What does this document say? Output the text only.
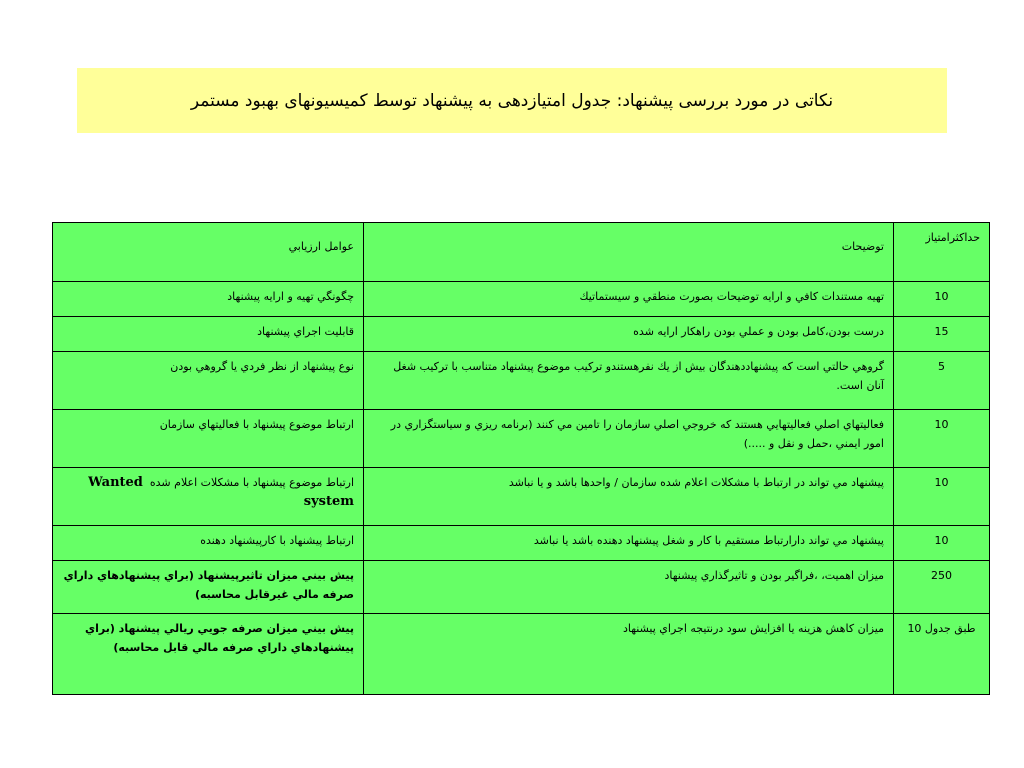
نکاتی در مورد بررسی پیشنهاد: جدول امتیازدهی به پیشنهاد توسط کمیسیونهای بهبود مستمر
حداکثرامتیاز	توضیحات	عوامل ارزيابي
10	تهيه مستندات كافي و ارايه توضيحات بصورت منطقي و سيستماتيك	چگونگي تهيه و ارايه پيشنهاد
15	درست بودن،كامل بودن و عملي بودن راهكار ارايه شده	قابليت اجراي پيشنهاد
5	گروهي حالتي است كه پيشنهاددهندگان بيش از يك نفرهستندو تركيب موضوع پيشنهاد متناسب با تركيب شغل آنان است.	نوع پيشنهاد از نظر فردي يا گروهي بودن
10	فعاليتهاي اصلي فعاليتهايي هستند كه خروجي اصلي سازمان را تامين مي كنند (برنامه ريزي و سياستگزاري در امور ايمني ،حمل و نقل و .....)	ارتباط موضوع پيشنهاد با فعاليتهاي سازمان
10	پيشنهاد مي تواند در ارتباط با مشكلات اعلام شده سازمان / واحدها باشد و يا نباشد	ارتباط موضوع پيشنهاد با مشكلات اعلام شده  Wanted system
10	پيشنهاد مي تواند دارارتباط مستقيم با كار و شغل پيشنهاد دهنده باشد يا نباشد	ارتباط پيشنهاد با كارپيشنهاد دهنده
250	ميزان اهميت، ،فراگير بودن و تاثيرگذاري پيشنهاد	پيش بيني ميزان تاثيرپيشنهاد (براي پيشنهادهاي داراي صرفه مالي غيرقابل محاسبه)
طبق جدول 10	ميزان كاهش هزينه يا افزايش سود درنتيجه اجراي پيشنهاد	پيش بيني ميزان صرفه جويي ريالي پيشنهاد (براي پيشنهادهاي داراي صرفه مالي قابل محاسبه)
